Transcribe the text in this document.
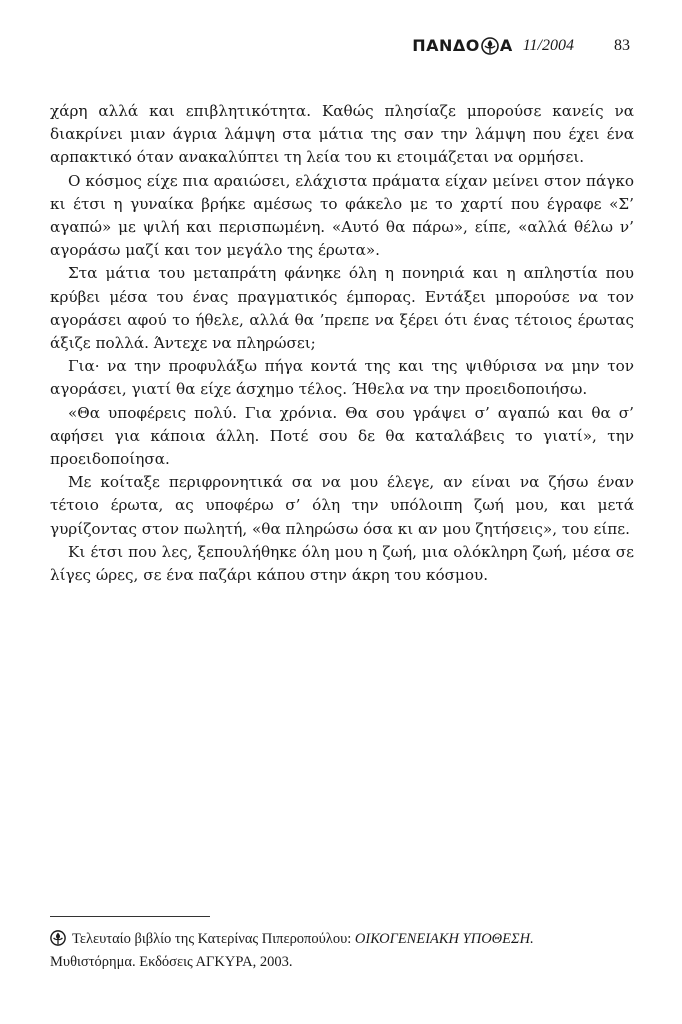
ΠΑΝΔΟ Α 11/2004	83

χάρη αλλά και επιβλητικότητα. Καθώς πλησίαζε μπορούσε κανείς να διακρίνει μιαν άγρια λάμψη στα μάτια της σαν την λάμψη που έχει ένα αρπακτικό όταν ανακαλύπτει τη λεία του κι ετοιμάζεται να ορμήσει.

Ο κόσμος είχε πια αραιώσει, ελάχιστα πράματα είχαν μείνει στον πάγκο κι έτσι η γυναίκα βρήκε αμέσως το φάκελο με το χαρτί που έγραφε «Σ’ αγαπώ» με ψιλή και περισπωμένη. «Αυτό θα πάρω», είπε, «αλλά θέλω ν’ αγοράσω μαζί και τον μεγάλο της έρωτα».

Στα μάτια του μεταπράτη φάνηκε όλη η πονηριά και η απληστία που κρύβει μέσα του ένας πραγματικός έμπορας. Εντάξει μπορούσε να τον αγοράσει αφού το ήθελε, αλλά θα ’πρεπε να ξέρει ότι ένας τέτοιος έρωτας άξιζε πολλά. Άντεχε να πληρώσει;

Για· να την προφυλάξω πήγα κοντά της και της ψιθύρισα να μην τον αγοράσει, γιατί θα είχε άσχημο τέλος. Ήθελα να την προειδοποιήσω.

«Θα υποφέρεις πολύ. Για χρόνια. Θα σου γράψει σ’ αγαπώ και θα σ’ αφήσει για κάποια άλλη. Ποτέ σου δε θα καταλάβεις το γιατί», την προειδοποίησα.

Με κοίταξε περιφρονητικά σα να μου έλεγε, αν είναι να ζήσω έναν τέτοιο έρωτα, ας υποφέρω σ’ όλη την υπόλοιπη ζωή μου, και μετά γυρίζοντας στον πωλητή, «θα πληρώσω όσα κι αν μου ζητήσεις», του είπε.

Κι έτσι που λες, ξεπουλήθηκε όλη μου η ζωή, μια ολόκληρη ζωή, μέσα σε λίγες ώρες, σε ένα παζάρι κάπου στην άκρη του κόσμου.

Τελευταίο βιβλίο της Κατερίνας Πιπεροπούλου: ΟΙΚΟΓΕΝΕΙΑΚΗ ΥΠΟΘΕΣΗ.
Μυθιστόρημα. Εκδόσεις ΑΓΚΥΡΑ, 2003.
